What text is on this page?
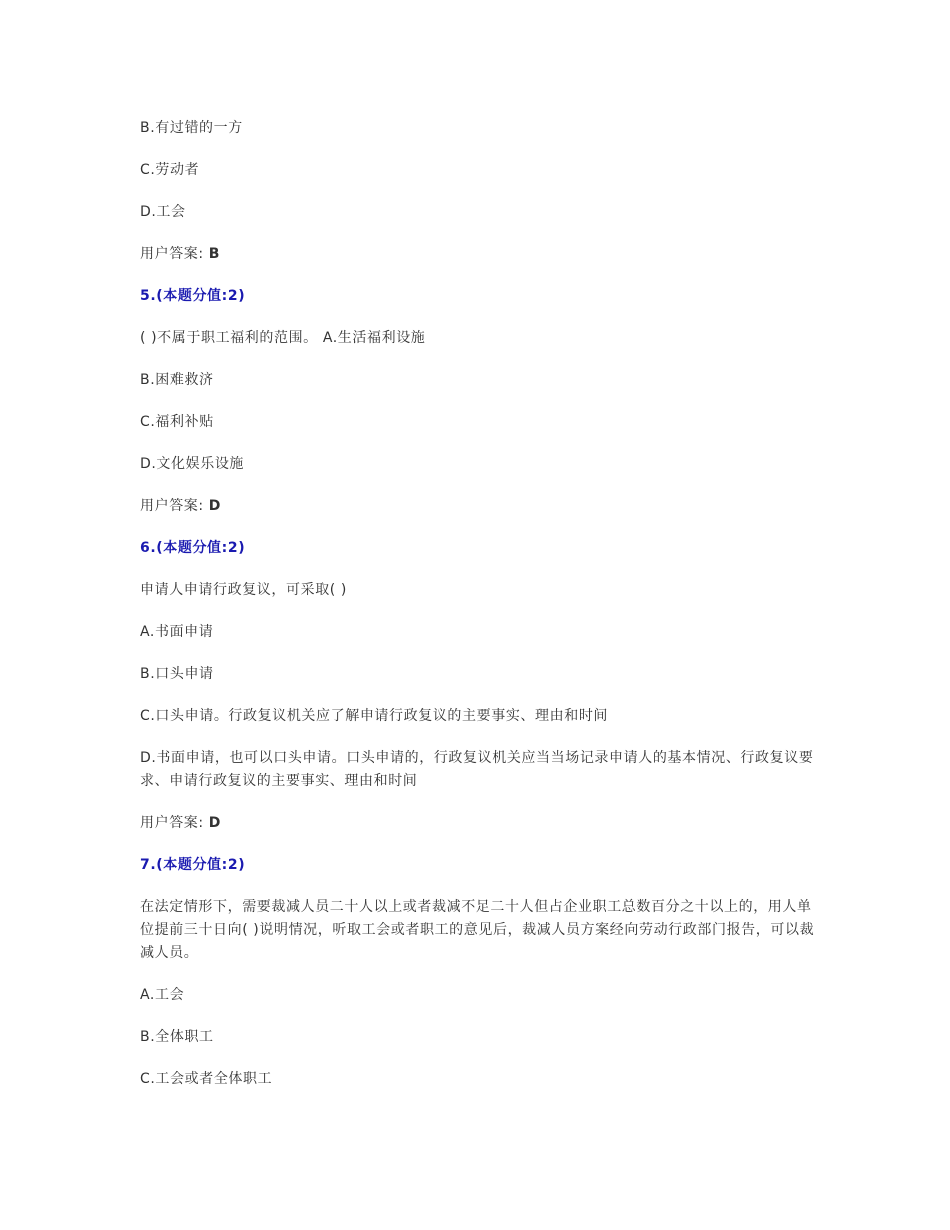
B.有过错的一方
C.劳动者
D.工会
用户答案: B
5.(本题分值:2)
( )不属于职工福利的范围。 A.生活福利设施
B.困难救济
C.福利补贴
D.文化娱乐设施
用户答案: D
6.(本题分值:2)
申请人申请行政复议，可采取( )
A.书面申请
B.口头申请
C.口头申请。行政复议机关应了解申请行政复议的主要事实、理由和时间
D.书面申请，也可以口头申请。口头申请的，行政复议机关应当当场记录申请人的基本情况、行政复议要求、申请行政复议的主要事实、理由和时间
用户答案: D
7.(本题分值:2)
在法定情形下，需要裁减人员二十人以上或者裁减不足二十人但占企业职工总数百分之十以上的，用人单位提前三十日向( )说明情况，听取工会或者职工的意见后，裁减人员方案经向劳动行政部门报告，可以裁减人员。
A.工会
B.全体职工
C.工会或者全体职工
